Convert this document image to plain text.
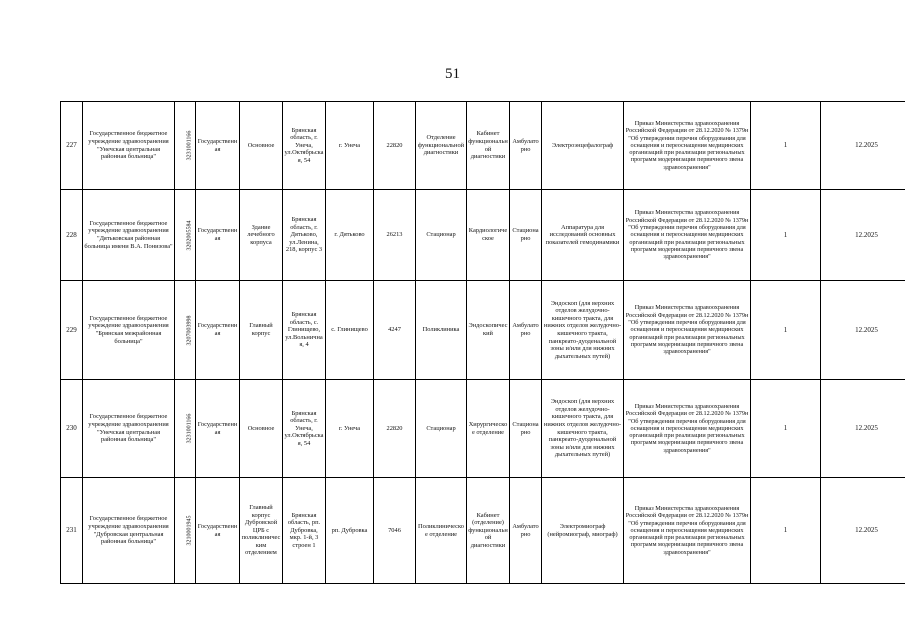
51
227	Государственное бюджетное учреждение здравоохранения "Унечская центральная районная больница"	3231001166	Государственная	Основное	Брянская область, г. Унеча, ул.Октябрьская, 54	г. Унеча	22820	Отделение функциональной диагностики	Кабинет функциональной диагностики	Амбулаторно	Электроэнцефалограф	Приказ Министерства здравоохранения Российской Федерации от 28.12.2020 № 1379н "Об утверждении перечня оборудования для оснащения и переоснащения медицинских организаций при реализации региональных программ модернизации первичного звена здравоохранения"	1	12.2025
228	Государственное бюджетное учреждение здравоохранения "Дятьковская районная больница имени В.А. Понизова"	3202005584	Государственная	Здание лечебного корпуса	Брянская область, г. Дятьково, ул.Ленина, 218, корпус 3	г. Дятьково	26213	Стационар	Кардиологическое	Стационарно	Аппаратура для исследований основных показателей гемодинамики	Приказ Министерства здравоохранения Российской Федерации от 28.12.2020 № 1379н "Об утверждении перечня оборудования для оснащения и переоснащения медицинских организаций при реализации региональных программ модернизации первичного звена здравоохранения"	1	12.2025
229	Государственное бюджетное учреждение здравоохранения "Брянская межрайонная больница"	3207003998	Государственная	Главный корпус	Брянская область, с. Глинищево, ул.Вольничная, 4	с. Глинищево	4247	Поликлиника	Эндоскопический	Амбулаторно	Эндоскоп (для верхних отделов желудочно-кишечного тракта, для нижних отделов желудочно-кишечного тракта, панкреато-дуоденальной зоны и/или для нижних дыхательных путей)	Приказ Министерства здравоохранения Российской Федерации от 28.12.2020 № 1379н "Об утверждении перечня оборудования для оснащения и переоснащения медицинских организаций при реализации региональных программ модернизации первичного звена здравоохранения"	1	12.2025
230	Государственное бюджетное учреждение здравоохранения "Унечская центральная районная больница"	3231001166	Государственная	Основное	Брянская область, г. Унеча, ул.Октябрьская, 54	г. Унеча	22820	Стационар	Хирургическое отделение	Стационарно	Эндоскоп (для верхних отделов желудочно-кишечного тракта, для нижних отделов желудочно-кишечного тракта, панкреато-дуоденальной зоны и/или для нижних дыхательных путей)	Приказ Министерства здравоохранения Российской Федерации от 28.12.2020 № 1379н "Об утверждении перечня оборудования для оснащения и переоснащения медицинских организаций при реализации региональных программ модернизации первичного звена здравоохранения"	1	12.2025
231	Государственное бюджетное учреждение здравоохранения "Дубровская центральная районная больница"	3210001945	Государственная	Главный корпус Дубровской ЦРБ с поликлиническим отделением	Брянская область, рп. Дубровка, мкр. 1-й, 3 строен 1	рп. Дубровка	7046	Поликлиническое отделение	Кабинет (отделение) функциональной диагностики	Амбулаторно	Электромиограф (нейромиограф, миограф)	Приказ Министерства здравоохранения Российской Федерации от 28.12.2020 № 1379н "Об утверждении перечня оборудования для оснащения и переоснащения медицинских организаций при реализации региональных программ модернизации первичного звена здравоохранения"	1	12.2025
